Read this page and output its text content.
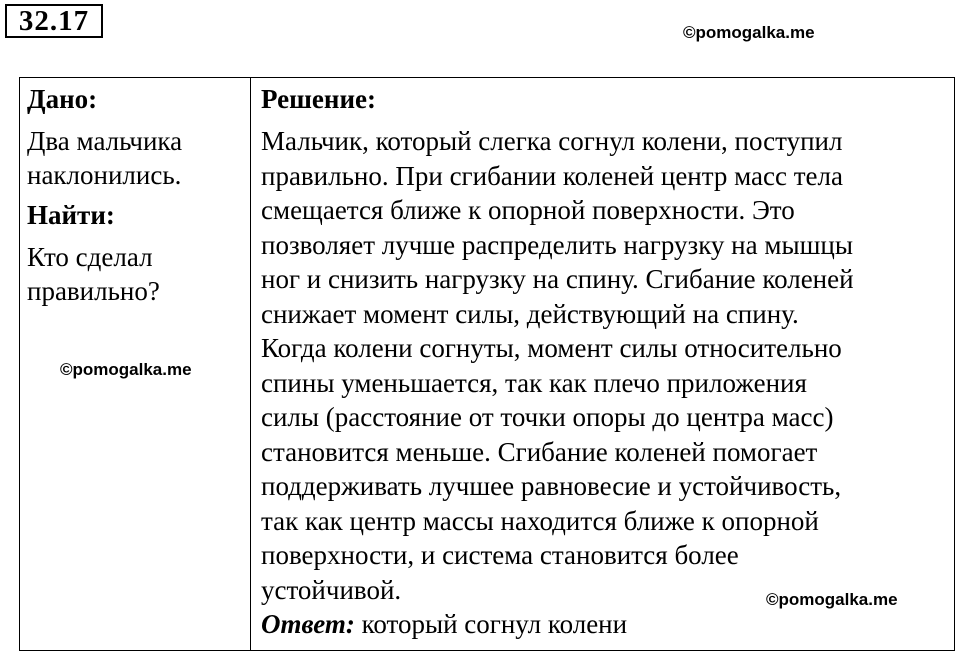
32.17	©pomogalka.me

Дано:

Два мальчика наклонились.

Найти:

Кто сделал правильно?

Решение:

Мальчик, который слегка согнул колени, поступил
правильно. При сгибании коленей центр масс тела
смещается ближе к опорной поверхности. Это
позволяет лучше распределить нагрузку на мышцы
ног и снизить нагрузку на спину. Сгибание коленей
снижает момент силы, действующий на спину.
Когда колени согнуты, момент силы относительно
спины уменьшается, так как плечо приложения
силы (расстояние от точки опоры до центра масс)
становится меньше. Сгибание коленей помогает
поддерживать лучшее равновесие и устойчивость,
так как центр массы находится ближе к опорной
поверхности, и система становится более
устойчивой.

Ответ: который согнул колени

©pomogalka.me
©pomogalka.me
